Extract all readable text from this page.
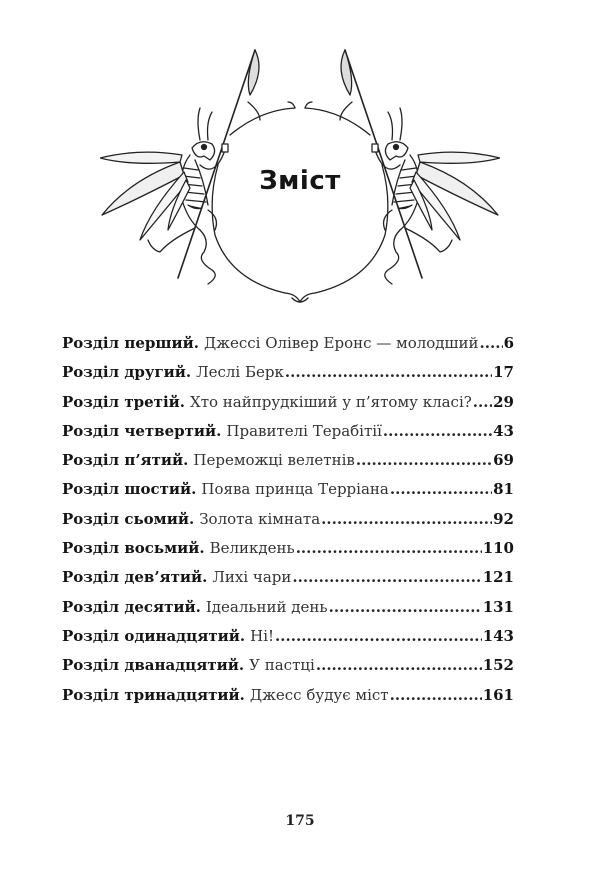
Зміст
Розділ перший. Джессі Олівер Еронс — молодший . . . 6
Розділ другий. Леслі Берк . . .	17
Розділ третій. Хто найпрудкіший у п’ятому класі? . . . 29
Розділ четвертий. Правителі Терабітії . . .	43
Розділ п’ятий. Переможці велетнів . . .	69
Розділ шостий. Поява принца Терріана . . .	81
Розділ сьомий. Золота кімната . . .	92
Розділ восьмий. Великдень . . .	110
Розділ дев’ятий. Лихі чари . . .	121
Розділ десятий. Ідеальний день . . .	131
Розділ одинадцятий. Ні! . . .	143
Розділ дванадцятий. У пастці . . .	152
Розділ тринадцятий. Джесс будує міст . . .	161
175
